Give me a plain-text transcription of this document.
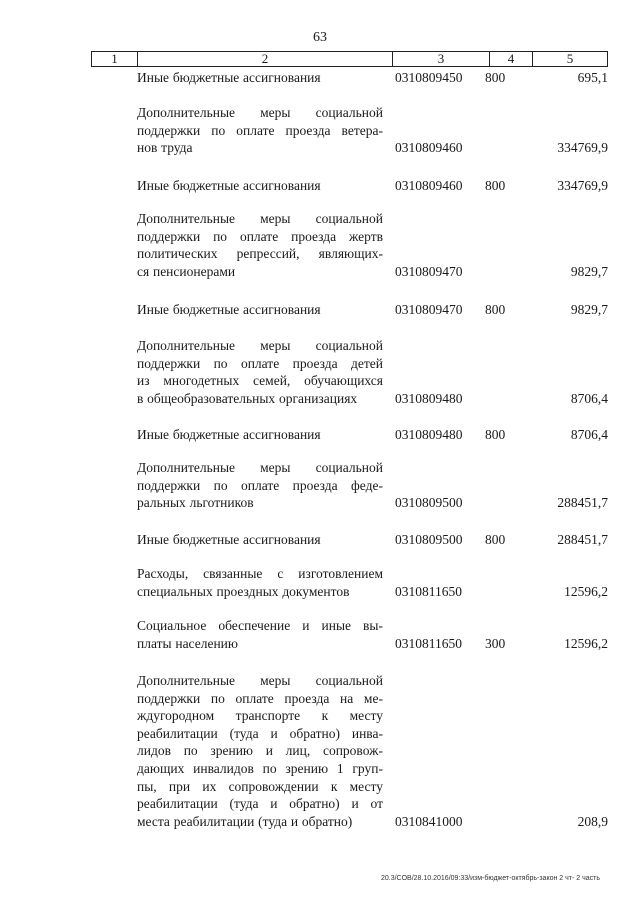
63
1	2	3	4	5
Иные бюджетные ассигнования	0310809450 800	695,1
Дополнительные меры социальной
поддержки по оплате проезда ветера-
нов труда	0310809460	334769,9
Иные бюджетные ассигнования	0310809460 800	334769,9
Дополнительные меры социальной
поддержки по оплате проезда жертв
политических репрессий, являющих-
ся пенсионерами	0310809470	9829,7
Иные бюджетные ассигнования	0310809470 800	9829,7
Дополнительные меры социальной
поддержки по оплате проезда детей
из многодетных семей, обучающихся
в общеобразовательных организациях	0310809480	8706,4
Иные бюджетные ассигнования	0310809480 800	8706,4
Дополнительные меры социальной
поддержки по оплате проезда феде-
ральных льготников	0310809500	288451,7
Иные бюджетные ассигнования	0310809500 800	288451,7
Расходы, связанные с изготовлением
специальных проездных документов	0310811650	12596,2
Социальное обеспечение и иные вы-
платы населению	0310811650 300	12596,2
Дополнительные меры социальной
поддержки по оплате проезда на ме-
ждугородном транспорте к месту
реабилитации (туда и обратно) инва-
лидов по зрению и лиц, сопровож-
дающих инвалидов по зрению 1 груп-
пы, при их сопровождении к месту
реабилитации (туда и обратно) и от
места реабилитации (туда и обратно)	0310841000	208,9
20.3/COB/28.10.2016/09:33/изм-бюджет-октябрь-закон 2 чт- 2 часть
